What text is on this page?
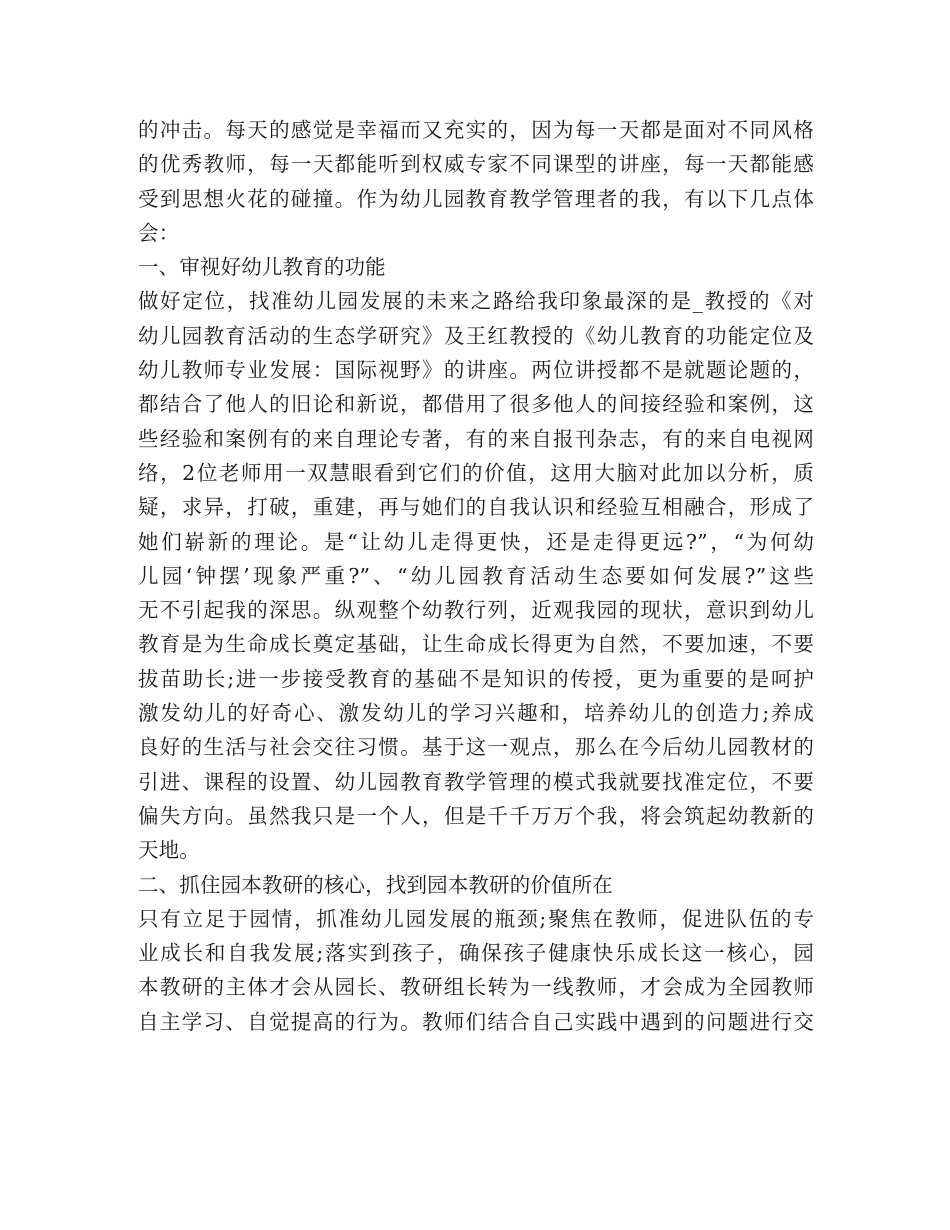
的冲击。每天的感觉是幸福而又充实的，因为每一天都是面对不同风格
的优秀教师，每一天都能听到权威专家不同课型的讲座，每一天都能感
受到思想火花的碰撞。作为幼儿园教育教学管理者的我，有以下几点体
会：
一、审视好幼儿教育的功能
做好定位，找准幼儿园发展的未来之路给我印象最深的是_教授的《对
幼儿园教育活动的生态学研究》及王红教授的《幼儿教育的功能定位及
幼儿教师专业发展：国际视野》的讲座。两位讲授都不是就题论题的，
都结合了他人的旧论和新说，都借用了很多他人的间接经验和案例，这
些经验和案例有的来自理论专著，有的来自报刊杂志，有的来自电视网
络，2位老师用一双慧眼看到它们的价值，这用大脑对此加以分析，质
疑，求异，打破，重建，再与她们的自我认识和经验互相融合，形成了
她们崭新的理论。是“让幼儿走得更快，还是走得更远?”，“为何幼
儿园‘钟摆’现象严重?”、“幼儿园教育活动生态要如何发展?”这些
无不引起我的深思。纵观整个幼教行列，近观我园的现状，意识到幼儿
教育是为生命成长奠定基础，让生命成长得更为自然，不要加速，不要
拔苗助长;进一步接受教育的基础不是知识的传授，更为重要的是呵护
激发幼儿的好奇心、激发幼儿的学习兴趣和，培养幼儿的创造力;养成
良好的生活与社会交往习惯。基于这一观点，那么在今后幼儿园教材的
引进、课程的设置、幼儿园教育教学管理的模式我就要找准定位，不要
偏失方向。虽然我只是一个人，但是千千万万个我，将会筑起幼教新的
天地。
二、抓住园本教研的核心，找到园本教研的价值所在
只有立足于园情，抓准幼儿园发展的瓶颈;聚焦在教师，促进队伍的专
业成长和自我发展;落实到孩子，确保孩子健康快乐成长这一核心，园
本教研的主体才会从园长、教研组长转为一线教师，才会成为全园教师
自主学习、自觉提高的行为。教师们结合自己实践中遇到的问题进行交
